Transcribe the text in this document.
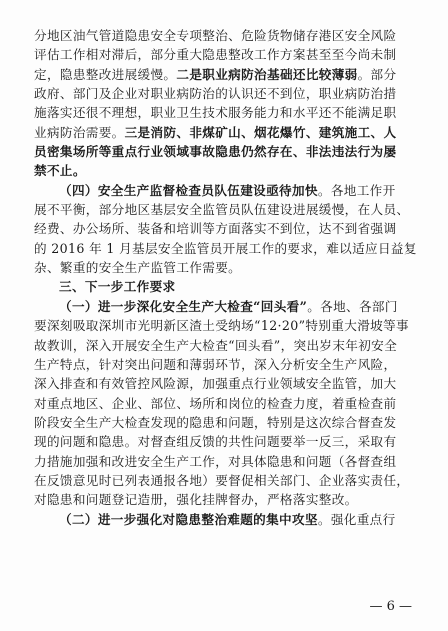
分地区油气管道隐患安全专项整治、危险货物储存港区安全风险
评估工作相对滞后，部分重大隐患整改工作方案甚至至今尚未制
定，隐患整改进展缓慢。二是职业病防治基础还比较薄弱。部分
政府、部门及企业对职业病防治的认识还不到位，职业病防治措
施落实还很不理想，职业卫生技术服务能力和水平还不能满足职
业病防治需要。三是消防、非煤矿山、烟花爆竹、建筑施工、人
员密集场所等重点行业领域事故隐患仍然存在、非法违法行为屡
禁不止。
（四）安全生产监督检查员队伍建设亟待加快。各地工作开
展不平衡，部分地区基层安全监管员队伍建设进展缓慢，在人员、
经费、办公场所、装备和培训等方面落实不到位，达不到省强调
的 2016 年 1 月基层安全监管员开展工作的要求，难以适应日益复
杂、繁重的安全生产监管工作需要。
三、下一步工作要求
（一）进一步深化安全生产大检查“回头看”。各地、各部门
要深刻吸取深圳市光明新区渣土受纳场“12·20”特别重大滑坡等事
故教训，深入开展安全生产大检查“回头看”，突出岁末年初安全
生产特点，针对突出问题和薄弱环节，深入分析安全生产风险，
深入排查和有效管控风险源，加强重点行业领域安全监管，加大
对重点地区、企业、部位、场所和岗位的检查力度，着重检查前
阶段安全生产大检查发现的隐患和问题，特别是这次综合督查发
现的问题和隐患。对督查组反馈的共性问题要举一反三，采取有
力措施加强和改进安全生产工作，对具体隐患和问题（各督查组
在反馈意见时已列表通报各地）要督促相关部门、企业落实责任，
对隐患和问题登记造册，强化挂牌督办，严格落实整改。
（二）进一步强化对隐患整治难题的集中攻坚。强化重点行
— 6 —
